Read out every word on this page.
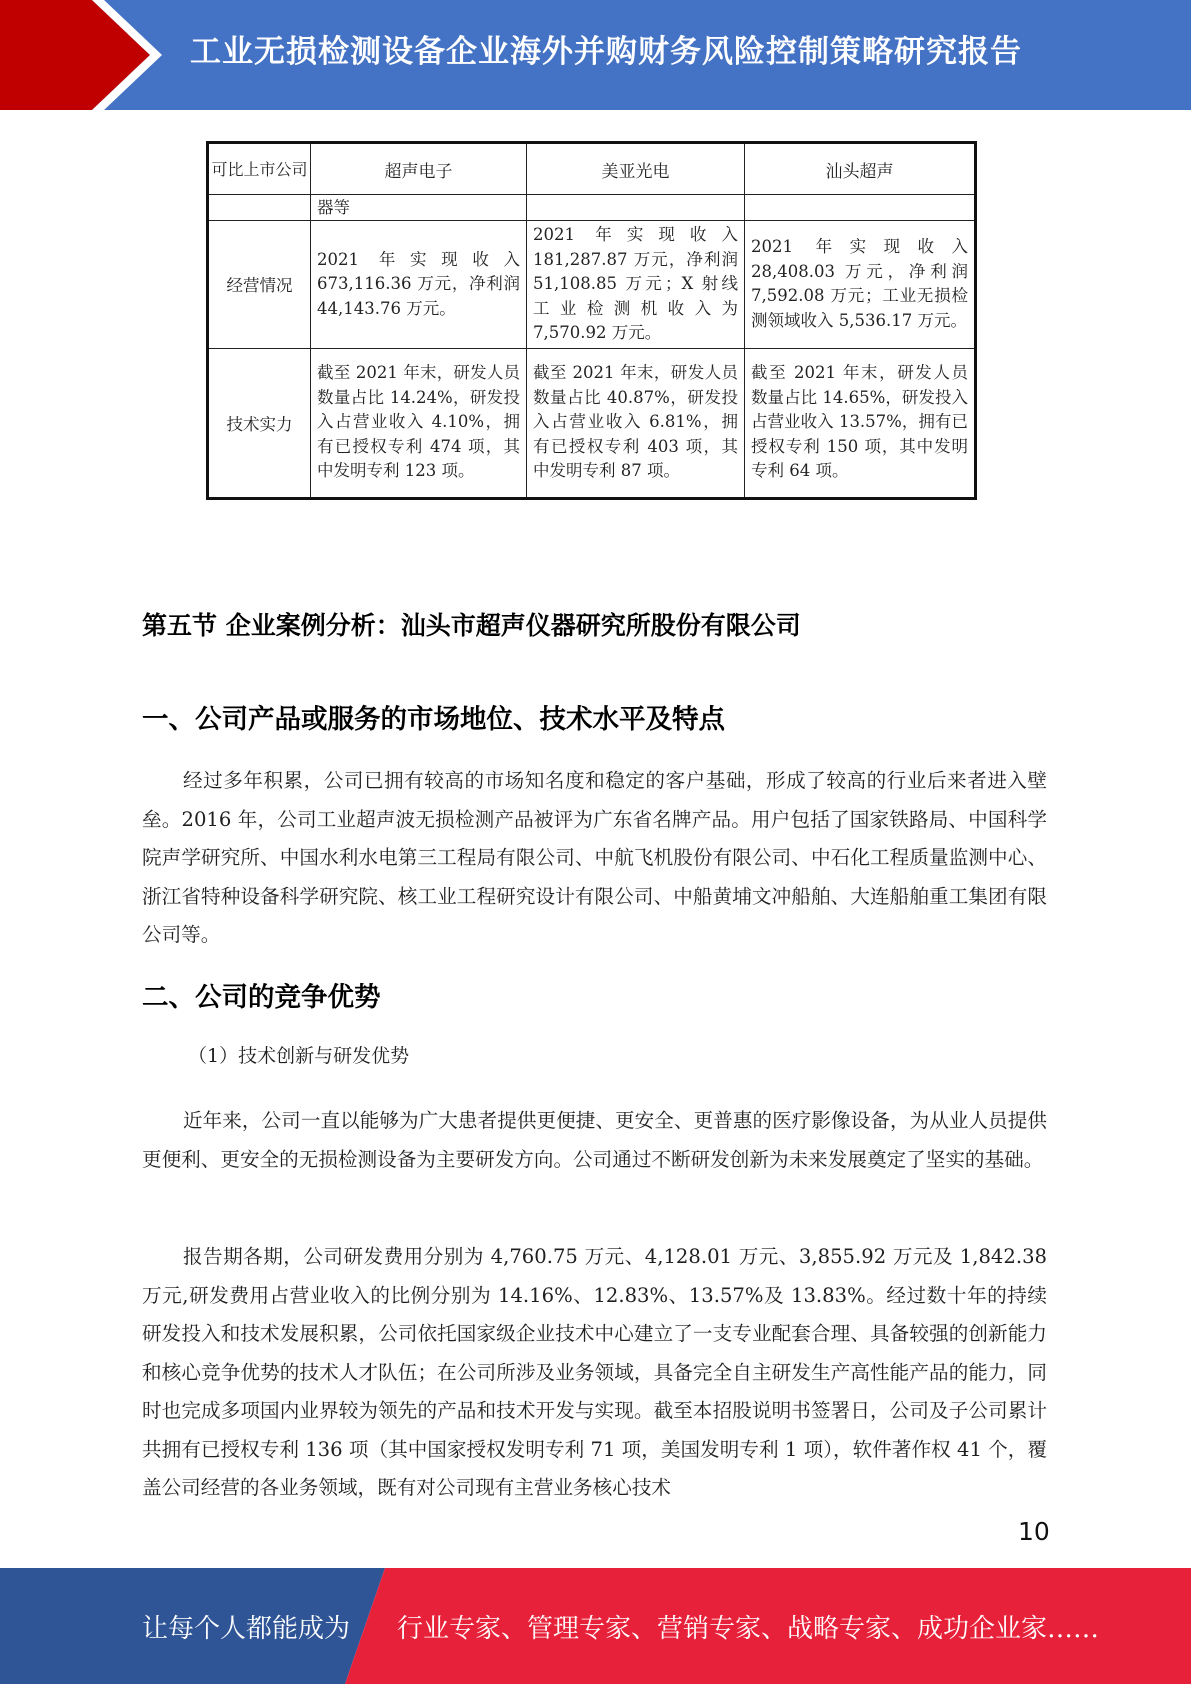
工业无损检测设备企业海外并购财务风险控制策略研究报告
可比上市公司	超声电子	美亚光电	汕头超声
	器等		
经营情况	2021 年实现收入 673,116.36 万元，净利润 44,143.76 万元。	2021 年实现收入 181,287.87 万元，净利润 51,108.85 万元；X 射线工业检测机收入为 7,570.92 万元。	2021 年实现收入 28,408.03 万元，净利润 7,592.08 万元；工业无损检测领域收入 5,536.17 万元。
技术实力	截至 2021 年末，研发人员数量占比 14.24%，研发投入占营业收入 4.10%，拥有已授权专利 474 项，其中发明专利 123 项。	截至 2021 年末，研发人员数量占比 40.87%，研发投入占营业收入 6.81%，拥有已授权专利 403 项，其中发明专利 87 项。	截至 2021 年末，研发人员数量占比 14.65%，研发投入占营业收入 13.57%，拥有已授权专利 150 项，其中发明专利 64 项。
第五节 企业案例分析：汕头市超声仪器研究所股份有限公司
一、公司产品或服务的市场地位、技术水平及特点

经过多年积累，公司已拥有较高的市场知名度和稳定的客户基础，形成了较高的行业后来者进入壁垒。2016 年，公司工业超声波无损检测产品被评为广东省名牌产品。用户包括了国家铁路局、中国科学院声学研究所、中国水利水电第三工程局有限公司、中航飞机股份有限公司、中石化工程质量监测中心、浙江省特种设备科学研究院、核工业工程研究设计有限公司、中船黄埔文冲船舶、大连船舶重工集团有限公司等。

二、公司的竞争优势
（1）技术创新与研发优势

近年来，公司一直以能够为广大患者提供更便捷、更安全、更普惠的医疗影像设备，为从业人员提供更便利、更安全的无损检测设备为主要研发方向。公司通过不断研发创新为未来发展奠定了坚实的基础。

报告期各期，公司研发费用分别为 4,760.75 万元、4,128.01 万元、3,855.92 万元及 1,842.38 万元,研发费用占营业收入的比例分别为 14.16%、12.83%、13.57%及 13.83%。经过数十年的持续研发投入和技术发展积累，公司依托国家级企业技术中心建立了一支专业配套合理、具备较强的创新能力和核心竞争优势的技术人才队伍；在公司所涉及业务领域，具备完全自主研发生产高性能产品的能力，同时也完成多项国内业界较为领先的产品和技术开发与实现。截至本招股说明书签署日，公司及子公司累计共拥有已授权专利 136 项（其中国家授权发明专利 71 项，美国发明专利 1 项），软件著作权 41 个，覆盖公司经营的各业务领域，既有对公司现有主营业务核心技术

10
让每个人都能成为 行业专家、管理专家、营销专家、战略专家、成功企业家……
